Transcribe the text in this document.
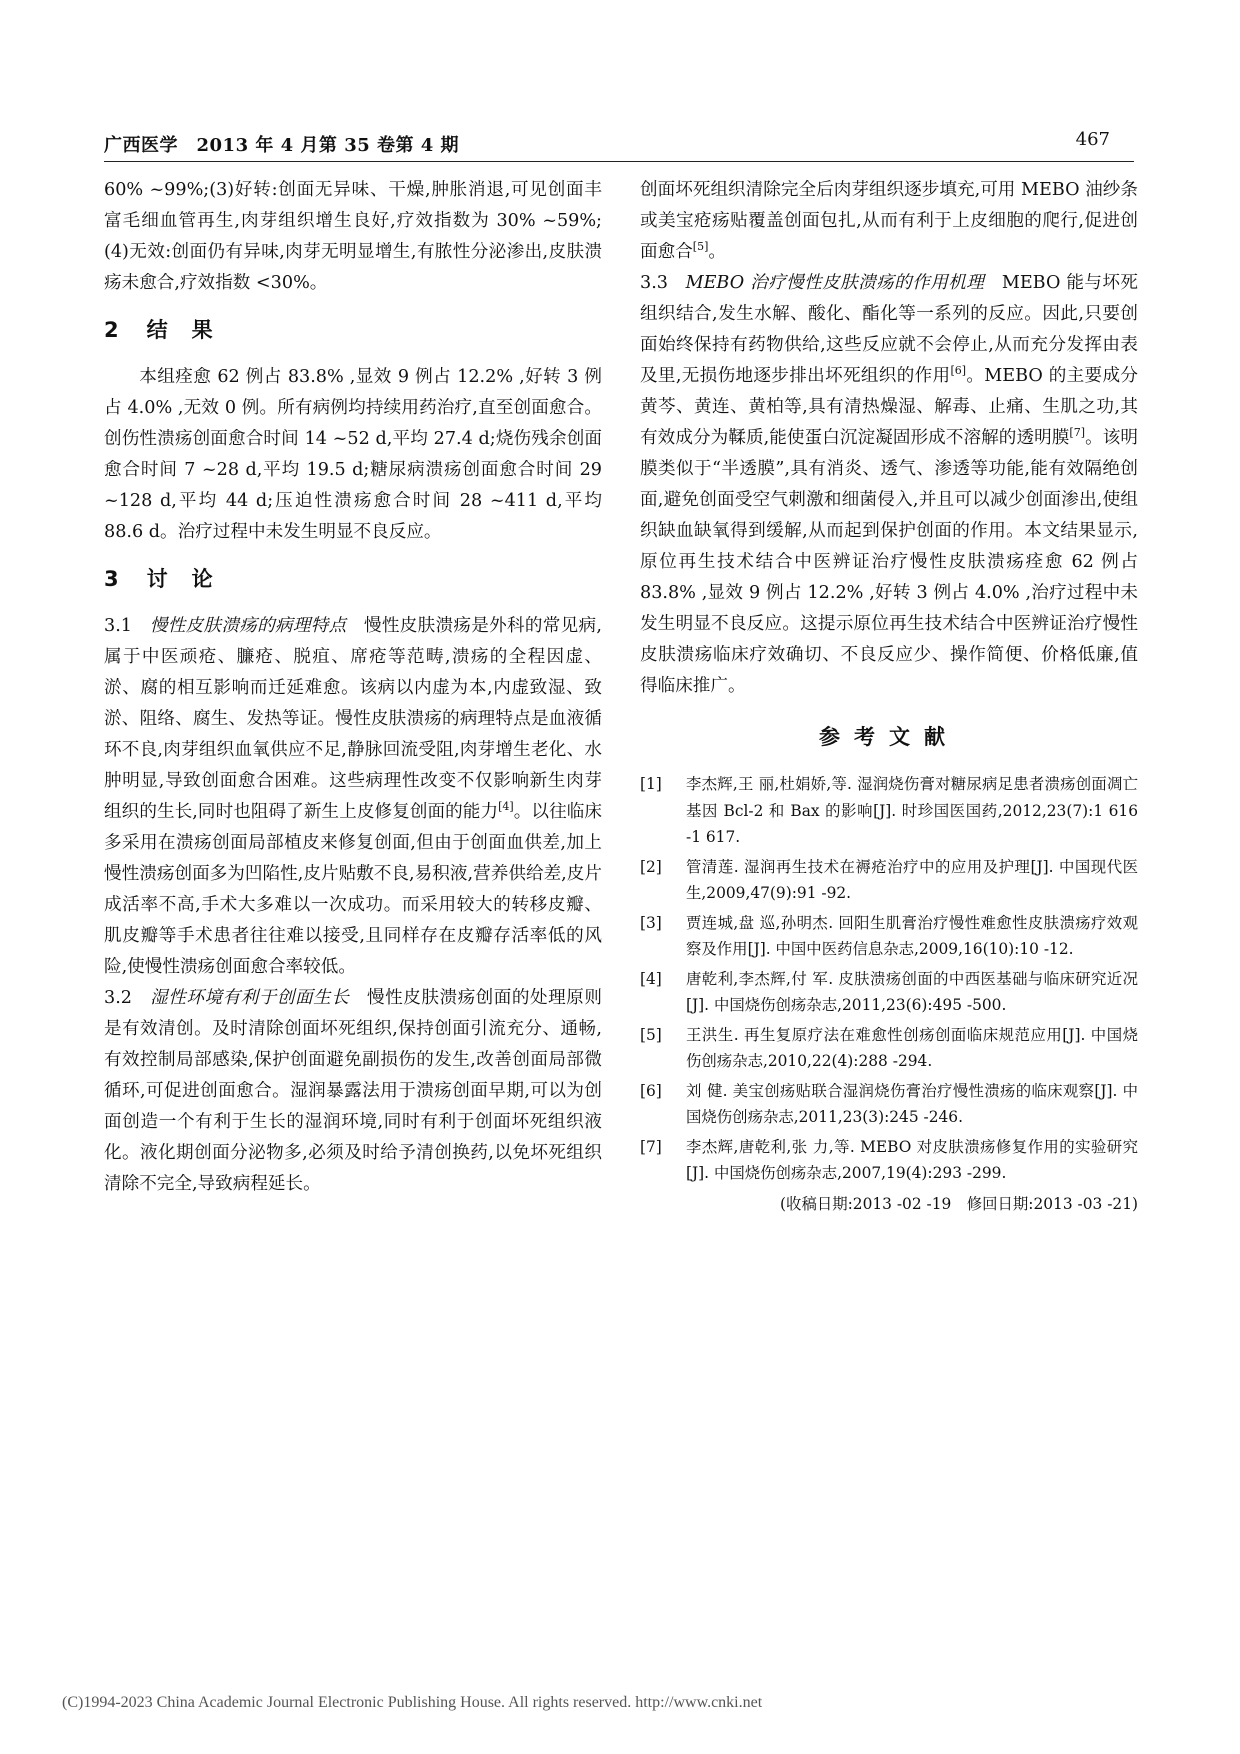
广西医学　2013 年 4 月第 35 卷第 4 期	467

60% ~99%;(3)好转:创面无异味、干燥,肿胀消退,可见创面丰富毛细血管再生,肉芽组织增生良好,疗效指数为 30% ~59%;(4)无效:创面仍有异味,肉芽无明显增生,有脓性分泌渗出,皮肤溃疡未愈合,疗效指数 <30%。

2 结 果

本组痊愈 62 例占 83.8% ,显效 9 例占 12.2% ,好转 3 例占 4.0% ,无效 0 例。所有病例均持续用药治疗,直至创面愈合。创伤性溃疡创面愈合时间 14 ~52 d,平均 27.4 d;烧伤残余创面愈合时间 7 ~28 d,平均 19.5 d;糖尿病溃疡创面愈合时间 29 ~128 d,平均 44 d;压迫性溃疡愈合时间 28 ~411 d,平均 88.6 d。治疗过程中未发生明显不良反应。

3 讨 论

3.1 慢性皮肤溃疡的病理特点 慢性皮肤溃疡是外科的常见病,属于中医顽疮、臁疮、脱疽、席疮等范畴,溃疡的全程因虚、淤、腐的相互影响而迁延难愈。该病以内虚为本,内虚致湿、致淤、阻络、腐生、发热等证。慢性皮肤溃疡的病理特点是血液循环不良,肉芽组织血氧供应不足,静脉回流受阻,肉芽增生老化、水肿明显,导致创面愈合困难。这些病理性改变不仅影响新生肉芽组织的生长,同时也阻碍了新生上皮修复创面的能力[4]。以往临床多采用在溃疡创面局部植皮来修复创面,但由于创面血供差,加上慢性溃疡创面多为凹陷性,皮片贴敷不良,易积液,营养供给差,皮片成活率不高,手术大多难以一次成功。而采用较大的转移皮瓣、肌皮瓣等手术患者往往难以接受,且同样存在皮瓣存活率低的风险,使慢性溃疡创面愈合率较低。

3.2 湿性环境有利于创面生长 慢性皮肤溃疡创面的处理原则是有效清创。及时清除创面坏死组织,保持创面引流充分、通畅,有效控制局部感染,保护创面避免副损伤的发生,改善创面局部微循环,可促进创面愈合。湿润暴露法用于溃疡创面早期,可以为创面创造一个有利于生长的湿润环境,同时有利于创面坏死组织液化。液化期创面分泌物多,必须及时给予清创换药,以免坏死组织清除不完全,导致病程延长。

创面坏死组织清除完全后肉芽组织逐步填充,可用 MEBO 油纱条或美宝疮疡贴覆盖创面包扎,从而有利于上皮细胞的爬行,促进创面愈合[5]。

3.3 MEBO 治疗慢性皮肤溃疡的作用机理 MEBO 能与坏死组织结合,发生水解、酸化、酯化等一系列的反应。因此,只要创面始终保持有药物供给,这些反应就不会停止,从而充分发挥由表及里,无损伤地逐步排出坏死组织的作用[6]。MEBO 的主要成分黄芩、黄连、黄柏等,具有清热燥湿、解毒、止痛、生肌之功,其有效成分为鞣质,能使蛋白沉淀凝固形成不溶解的透明膜[7]。该明膜类似于“半透膜”,具有消炎、透气、渗透等功能,能有效隔绝创面,避免创面受空气刺激和细菌侵入,并且可以减少创面渗出,使组织缺血缺氧得到缓解,从而起到保护创面的作用。本文结果显示,原位再生技术结合中医辨证治疗慢性皮肤溃疡痊愈 62 例占 83.8% ,显效 9 例占 12.2% ,好转 3 例占 4.0% ,治疗过程中未发生明显不良反应。这提示原位再生技术结合中医辨证治疗慢性皮肤溃疡临床疗效确切、不良反应少、操作简便、价格低廉,值得临床推广。

参考文献
[1]	李杰辉,王 丽,杜娟娇,等. 湿润烧伤膏对糖尿病足患者溃疡创面凋亡基因 Bcl-2 和 Bax 的影响[J]. 时珍国医国药,2012,23(7):1 616 -1 617.
[2]	管清莲. 湿润再生技术在褥疮治疗中的应用及护理[J]. 中国现代医生,2009,47(9):91 -92.
[3]	贾连城,盘 巡,孙明杰. 回阳生肌膏治疗慢性难愈性皮肤溃疡疗效观察及作用[J]. 中国中医药信息杂志,2009,16(10):10 -12.
[4]	唐乾利,李杰辉,付 军. 皮肤溃疡创面的中西医基础与临床研究近况[J]. 中国烧伤创疡杂志,2011,23(6):495 -500.
[5]	王洪生. 再生复原疗法在难愈性创疡创面临床规范应用[J]. 中国烧伤创疡杂志,2010,22(4):288 -294.
[6]	刘 健. 美宝创疡贴联合湿润烧伤膏治疗慢性溃疡的临床观察[J]. 中国烧伤创疡杂志,2011,23(3):245 -246.
[7]	李杰辉,唐乾利,张 力,等. MEBO 对皮肤溃疡修复作用的实验研究[J]. 中国烧伤创疡杂志,2007,19(4):293 -299.
(收稿日期:2013 -02 -19　修回日期:2013 -03 -21)
(C)1994-2023 China Academic Journal Electronic Publishing House. All rights reserved. http://www.cnki.net
